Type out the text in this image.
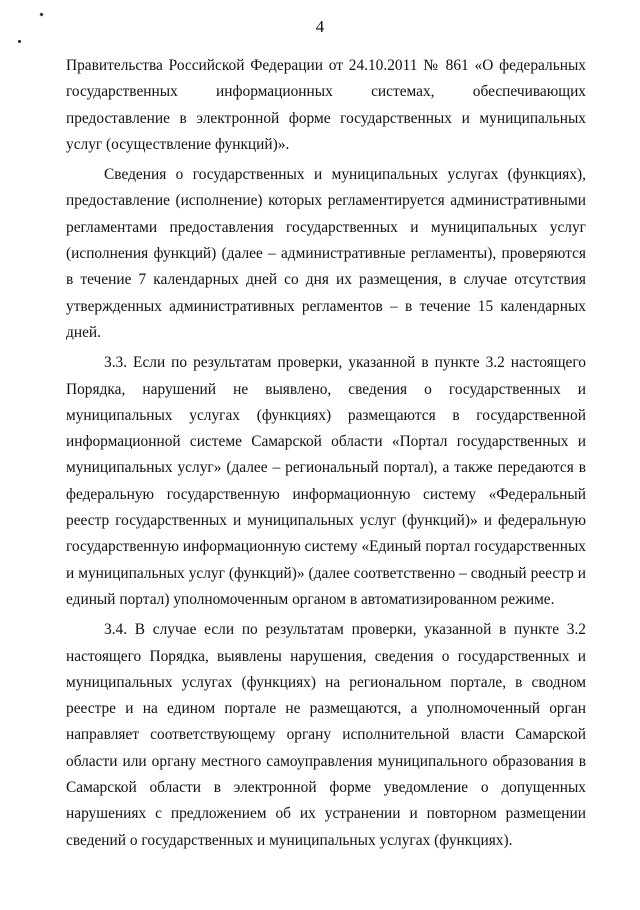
4

Правительства Российской Федерации от 24.10.2011 № 861 «О федеральных государственных информационных системах, обеспечивающих предоставление в электронной форме государственных и муниципальных услуг (осуществление функций)».

Сведения о государственных и муниципальных услугах (функциях), предоставление (исполнение) которых регламентируется административными регламентами предоставления государственных и муниципальных услуг (исполнения функций) (далее – административные регламенты), проверяются в течение 7 календарных дней со дня их размещения, в случае отсутствия утвержденных административных регламентов – в течение 15 календарных дней.

3.3. Если по результатам проверки, указанной в пункте 3.2 настоящего Порядка, нарушений не выявлено, сведения о государственных и муниципальных услугах (функциях) размещаются в государственной информационной системе Самарской области «Портал государственных и муниципальных услуг» (далее – региональный портал), а также передаются в федеральную государственную информационную систему «Федеральный реестр государственных и муниципальных услуг (функций)» и федеральную государственную информационную систему «Единый портал государственных и муниципальных услуг (функций)» (далее соответственно – сводный реестр и единый портал) уполномоченным органом в автоматизированном режиме.

3.4. В случае если по результатам проверки, указанной в пункте 3.2 настоящего Порядка, выявлены нарушения, сведения о государственных и муниципальных услугах (функциях) на региональном портале, в сводном реестре и на едином портале не размещаются, а уполномоченный орган направляет соответствующему органу исполнительной власти Самарской области или органу местного самоуправления муниципального образования в Самарской области в электронной форме уведомление о допущенных нарушениях с предложением об их устранении и повторном размещении сведений о государственных и муниципальных услугах (функциях).
